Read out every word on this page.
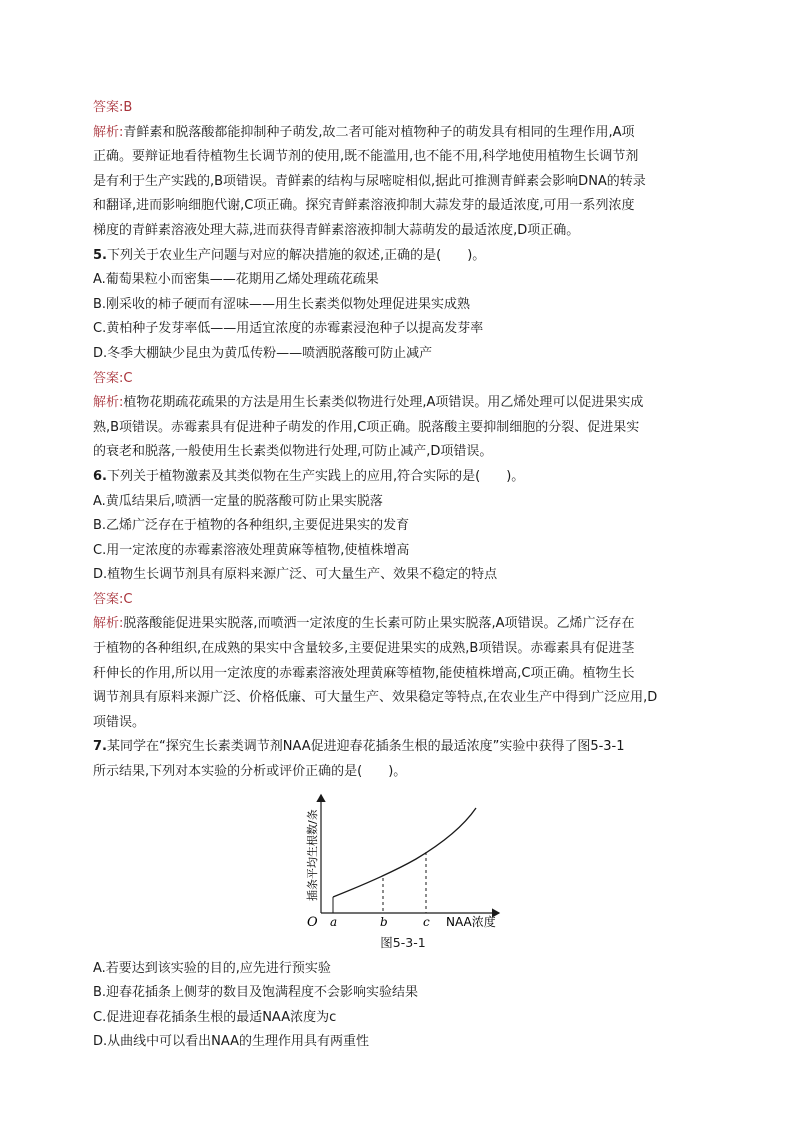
答案:B
解析:青鲜素和脱落酸都能抑制种子萌发,故二者可能对植物种子的萌发具有相同的生理作用,A项
正确。要辩证地看待植物生长调节剂的使用,既不能滥用,也不能不用,科学地使用植物生长调节剂
是有利于生产实践的,B项错误。青鲜素的结构与尿嘧啶相似,据此可推测青鲜素会影响DNA的转录
和翻译,进而影响细胞代谢,C项正确。探究青鲜素溶液抑制大蒜发芽的最适浓度,可用一系列浓度
梯度的青鲜素溶液处理大蒜,进而获得青鲜素溶液抑制大蒜萌发的最适浓度,D项正确。
5.下列关于农业生产问题与对应的解决措施的叙述,正确的是(　　)。
A.葡萄果粒小而密集——花期用乙烯处理疏花疏果
B.刚采收的柿子硬而有涩味——用生长素类似物处理促进果实成熟
C.黄柏种子发芽率低——用适宜浓度的赤霉素浸泡种子以提高发芽率
D.冬季大棚缺少昆虫为黄瓜传粉——喷洒脱落酸可防止减产
答案:C
解析:植物花期疏花疏果的方法是用生长素类似物进行处理,A项错误。用乙烯处理可以促进果实成
熟,B项错误。赤霉素具有促进种子萌发的作用,C项正确。脱落酸主要抑制细胞的分裂、促进果实
的衰老和脱落,一般使用生长素类似物进行处理,可防止减产,D项错误。
6.下列关于植物激素及其类似物在生产实践上的应用,符合实际的是(　　)。
A.黄瓜结果后,喷洒一定量的脱落酸可防止果实脱落
B.乙烯广泛存在于植物的各种组织,主要促进果实的发育
C.用一定浓度的赤霉素溶液处理黄麻等植物,使植株增高
D.植物生长调节剂具有原料来源广泛、可大量生产、效果不稳定的特点
答案:C
解析:脱落酸能促进果实脱落,而喷洒一定浓度的生长素可防止果实脱落,A项错误。乙烯广泛存在
于植物的各种组织,在成熟的果实中含量较多,主要促进果实的成熟,B项错误。赤霉素具有促进茎
秆伸长的作用,所以用一定浓度的赤霉素溶液处理黄麻等植物,能使植株增高,C项正确。植物生长
调节剂具有原料来源广泛、价格低廉、可大量生产、效果稳定等特点,在农业生产中得到广泛应用,D
项错误。
7.某同学在“探究生长素类调节剂NAA促进迎春花插条生根的最适浓度”实验中获得了图5-3-1
所示结果,下列对本实验的分析或评价正确的是(　　)。
O a	b	c NAA浓度
插条平均生根数/条
图5-3-1
A.若要达到该实验的目的,应先进行预实验
B.迎春花插条上侧芽的数目及饱满程度不会影响实验结果
C.促进迎春花插条生根的最适NAA浓度为c
D.从曲线中可以看出NAA的生理作用具有两重性
